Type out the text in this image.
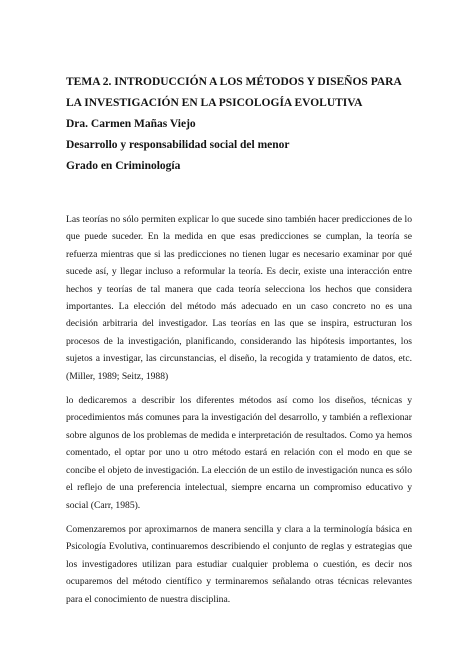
TEMA 2. INTRODUCCIÓN A LOS MÉTODOS Y DISEÑOS PARA
LA INVESTIGACIÓN EN LA PSICOLOGÍA EVOLUTIVA
Dra. Carmen Mañas Viejo
Desarrollo y responsabilidad social del menor
Grado en Criminología

Las teorías no sólo permiten explicar lo que sucede sino también hacer predicciones de lo que puede suceder. En la medida en que esas predicciones se cumplan, la teoría se refuerza mientras que si las predicciones no tienen lugar es necesario examinar por qué sucede así, y llegar incluso a reformular la teoría. Es decir, existe una interacción entre hechos y teorías de tal manera que cada teoría selecciona los hechos que considera importantes. La elección del método más adecuado en un caso concreto no es una decisión arbitraria del investigador. Las teorías en las que se inspira, estructuran los procesos de la investigación, planificando, considerando las hipótesis importantes, los sujetos a investigar, las circunstancias, el diseño, la recogida y tratamiento de datos, etc.(Miller, 1989; Seitz, 1988)

lo dedicaremos a describir los diferentes métodos así como los diseños, técnicas y procedimientos más comunes para la investigación del desarrollo, y también a reflexionar sobre algunos de los problemas de medida e interpretación de resultados. Como ya hemos comentado, el optar por uno u otro método estará en relación con el modo en que se concibe el objeto de investigación. La elección de un estilo de investigación nunca es sólo el reflejo de una preferencia intelectual, siempre encarna un compromiso educativo y social (Carr, 1985).

Comenzaremos por aproximarnos de manera sencilla y clara a la terminología básica en Psicología Evolutiva, continuaremos describiendo el conjunto de reglas y estrategias que los investigadores utilizan para estudiar cualquier problema o cuestión, es decir nos ocuparemos del método científico y terminaremos señalando otras técnicas relevantes para el conocimiento de nuestra disciplina.
